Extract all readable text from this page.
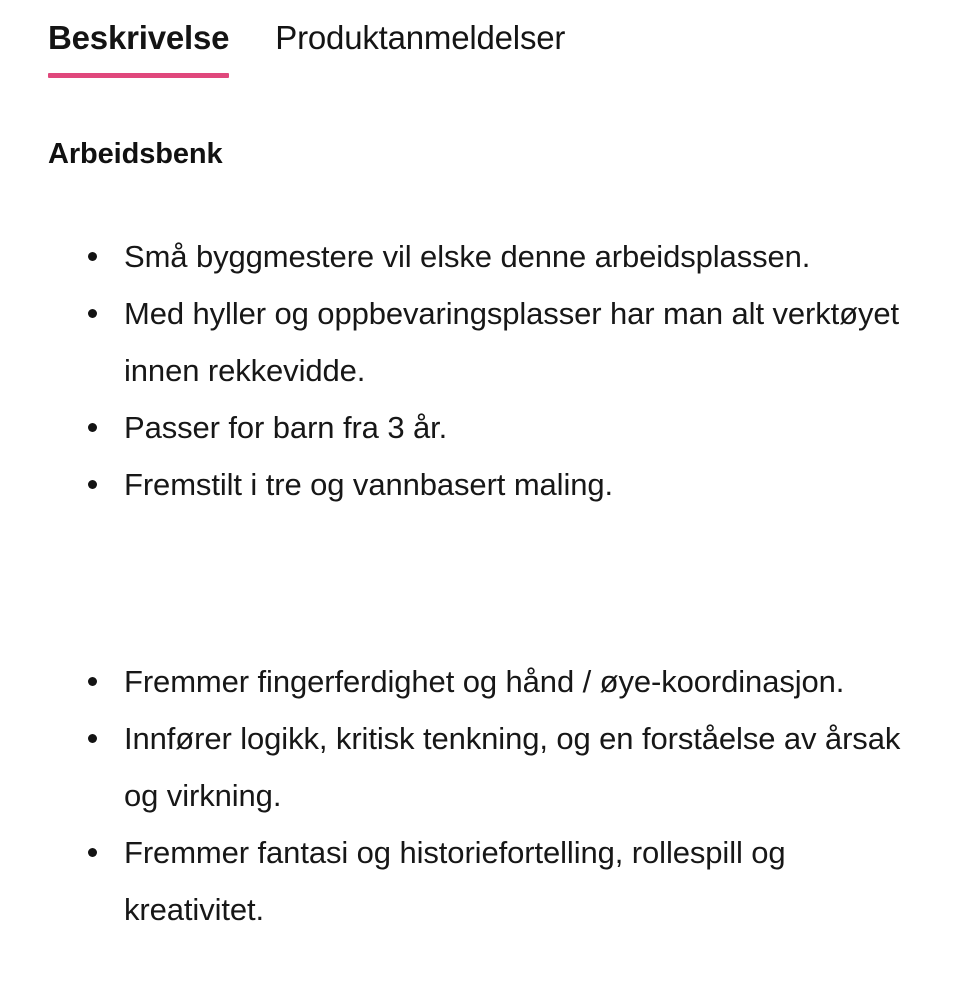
Beskrivelse Produktanmeldelser
Arbeidsbenk
Små byggmestere vil elske denne arbeidsplassen.
Med hyller og oppbevaringsplasser har man alt verktøyet innen rekkevidde.
Passer for barn fra 3 år.
Fremstilt i tre og vannbasert maling.
Fremmer fingerferdighet og hånd / øye-koordinasjon.
Innfører logikk, kritisk tenkning, og en forståelse av årsak og virkning.
Fremmer fantasi og historiefortelling, rollespill og kreativitet.
